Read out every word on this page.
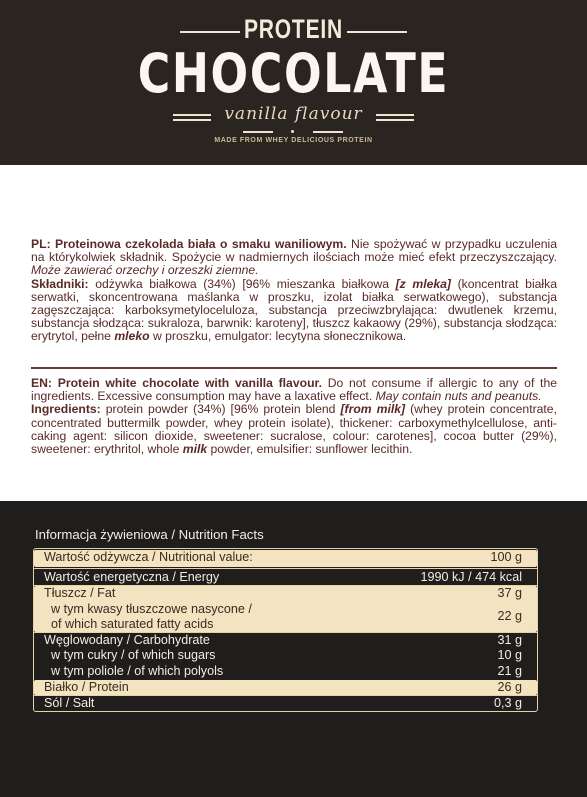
PROTEIN
CHOCOLATE
vanilla flavour
MADE FROM WHEY DELICIOUS PROTEIN
PL: Proteinowa czekolada biała o smaku waniliowym. Nie spożywać w przypadku uczulenia na którykolwiek składnik. Spożycie w nadmiernych ilościach może mieć efekt przeczyszczający. Może zawierać orzechy i orzeszki ziemne.
Składniki: odżywka białkowa (34%) [96% mieszanka białkowa [z mleka] (koncentrat białka serwatki, skoncentrowana maślanka w proszku, izolat białka serwatkowego), substancja zagęszczająca: karboksymetyloceluloza, substancja przeciwzbrylająca: dwutlenek krzemu, substancja słodząca: sukraloza, barwnik: karoteny], tłuszcz kakaowy (29%), substancja słodząca: erytrytol, pełne mleko w proszku, emulgator: lecytyna słonecznikowa.
EN: Protein white chocolate with vanilla flavour. Do not consume if allergic to any of the ingredients. Excessive consumption may have a laxative effect. May contain nuts and peanuts.
Ingredients: protein powder (34%) [96% protein blend [from milk] (whey protein concentrate, concentrated buttermilk powder, whey protein isolate), thickener: carboxymethylcellulose, anti-caking agent: silicon dioxide, sweetener: sucralose, colour: carotenes], cocoa butter (29%), sweetener: erythritol, whole milk powder, emulsifier: sunflower lecithin.
Informacja żywieniowa / Nutrition Facts
Wartość odżywcza / Nutritional value:	100 g
Wartość energetyczna / Energy	1990 kJ / 474 kcal
Tłuszcz / Fat	37 g
w tym kwasy tłuszczowe nasycone /
of which saturated fatty acids
22 g
Węglowodany / Carbohydrate	31 g
w tym cukry / of which sugars	10 g
w tym poliole / of which polyols	21 g
Białko / Protein	26 g
Sól / Salt	0,3 g
